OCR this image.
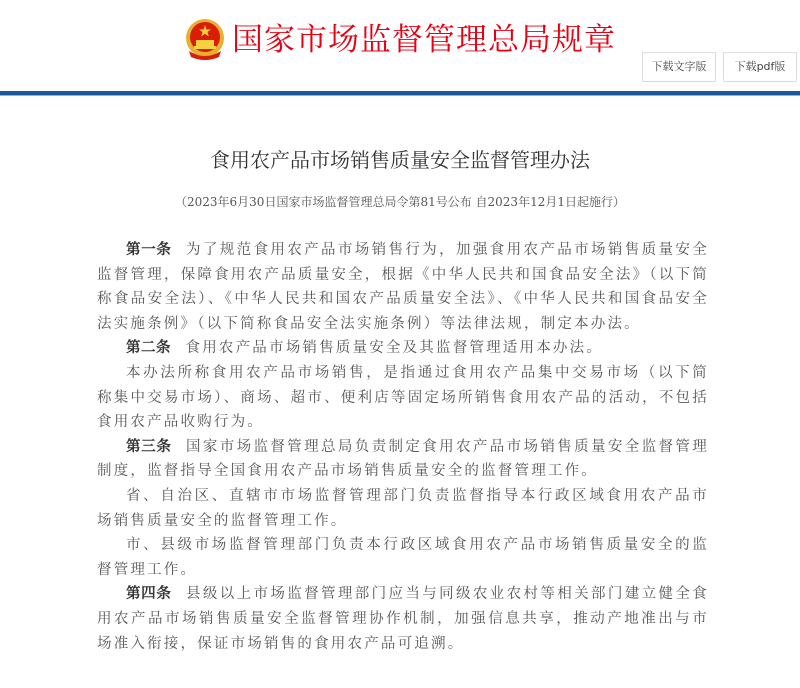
国家市场监督管理总局规章
下载文字版	下载pdf版
食用农产品市场销售质量安全监督管理办法
（2023年6月30日国家市场监督管理总局令第81号公布 自2023年12月1日起施行）

第一条 为了规范食用农产品市场销售行为，加强食用农产品市场销售质量安全监督管理，保障食用农产品质量安全，根据《中华人民共和国食品安全法》（以下简称食品安全法）、《中华人民共和国农产品质量安全法》、《中华人民共和国食品安全法实施条例》（以下简称食品安全法实施条例）等法律法规，制定本办法。

第二条 食用农产品市场销售质量安全及其监督管理适用本办法。

本办法所称食用农产品市场销售，是指通过食用农产品集中交易市场（以下简称集中交易市场）、商场、超市、便利店等固定场所销售食用农产品的活动，不包括食用农产品收购行为。

第三条 国家市场监督管理总局负责制定食用农产品市场销售质量安全监督管理制度，监督指导全国食用农产品市场销售质量安全的监督管理工作。

省、自治区、直辖市市场监督管理部门负责监督指导本行政区域食用农产品市场销售质量安全的监督管理工作。

市、县级市场监督管理部门负责本行政区域食用农产品市场销售质量安全的监督管理工作。

第四条 县级以上市场监督管理部门应当与同级农业农村等相关部门建立健全食用农产品市场销售质量安全监督管理协作机制，加强信息共享，推动产地准出与市场准入衔接，保证市场销售的食用农产品可追溯。
